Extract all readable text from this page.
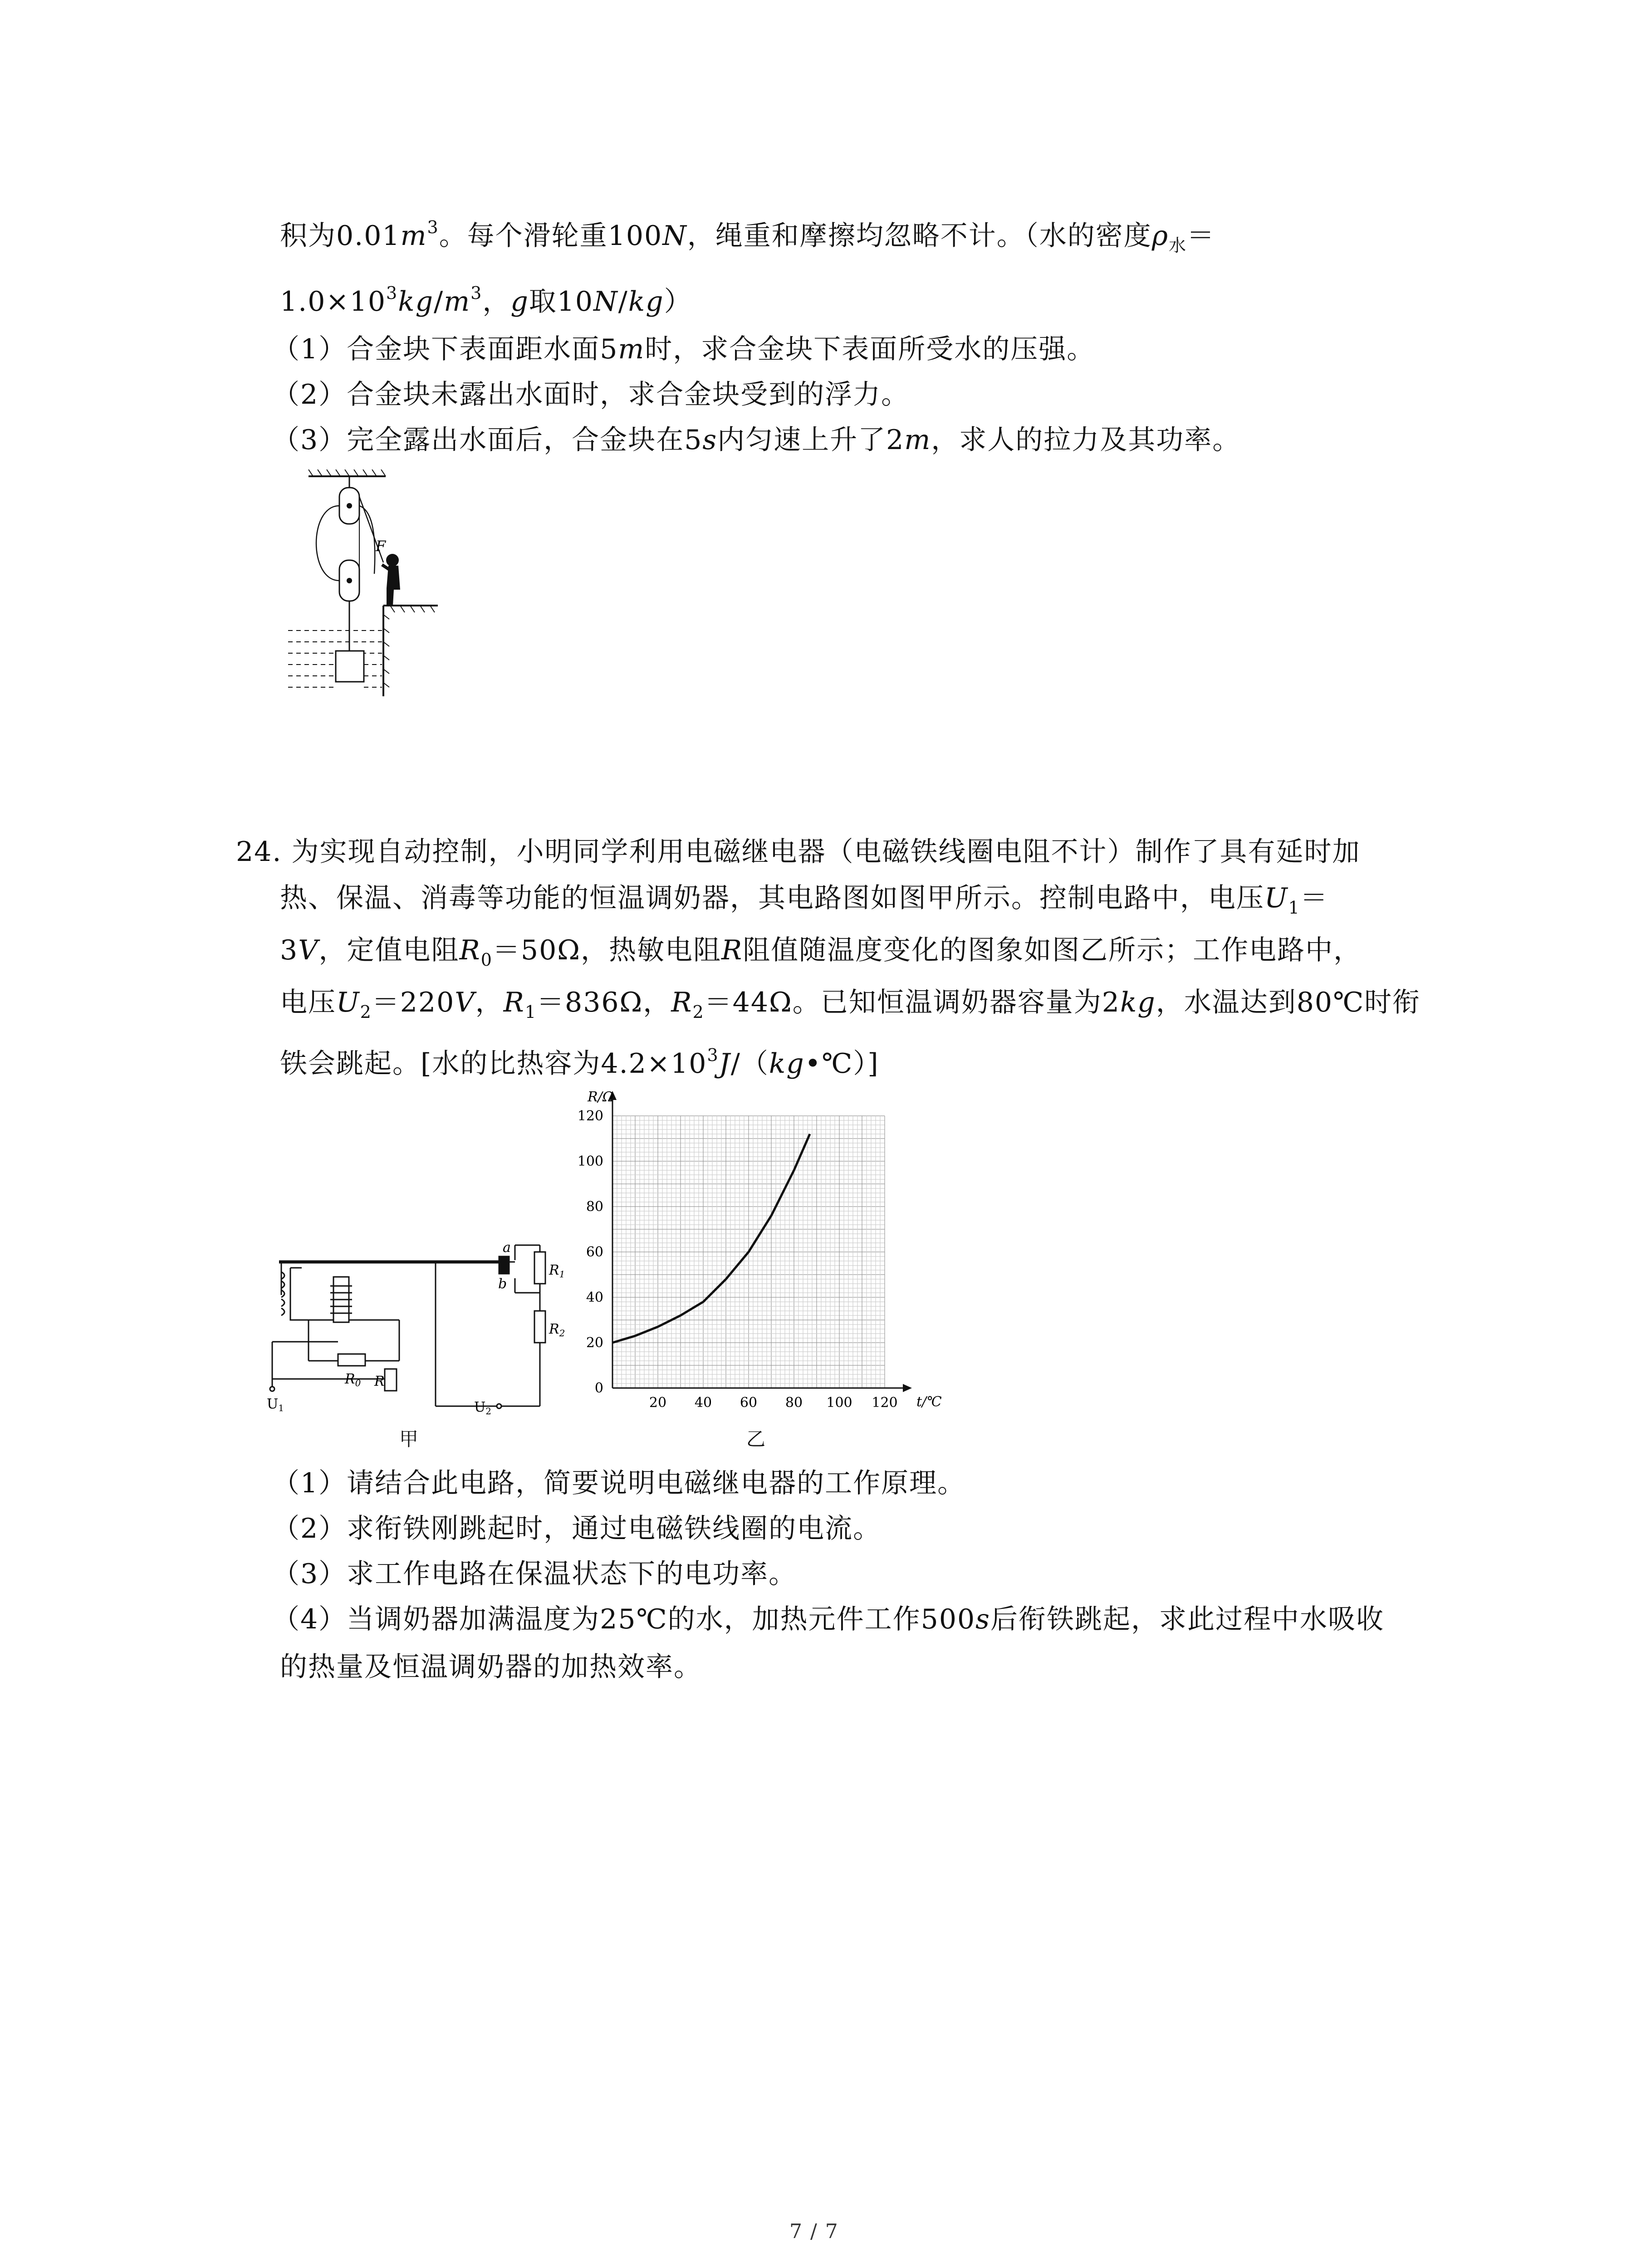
积为$0.01m^3$。每个滑轮重100N，绳重和摩擦均忽略不计。（水的密度$\rho_水=$
$1.0\times 10^3kg/m^3$，g取10N/kg）
（1）合金块下表面距水面5m时，求合金块下表面所受水的压强。
（2）合金块未露出水面时，求合金块受到的浮力。
（3）完全露出水面后，合金块在5s内匀速上升了2m，求人的拉力及其功率。
F
24. 为实现自动控制，小明同学利用电磁继电器（电磁铁线圈电阻不计）制作了具有延时加
热、保温、消毒等功能的恒温调奶器，其电路图如图甲所示。控制电路中，电压$U_1=$
3V，定值电阻$R_0=50\Omega$，热敏电阻R阻值随温度变化的图象如图乙所示；工作电路中，
电压$U_2=220V$，$R_1=836\Omega$，$R_2=44\Omega$。已知恒温调奶器容量为2kg，水温达到80℃时衔
铁会跳起。[水的比热容为$4.2\times 10^3J/(kg•℃)$]
a
b
$R_1$
$R_2$
$U_1$
$R_0$ R
$U_2$
甲
20 40 60 80 100 120
0
20
40
60
80
100
120
R/Ω
t/℃
乙
（1）请结合此电路，简要说明电磁继电器的工作原理。
（2）求衔铁刚跳起时，通过电磁铁线圈的电流。
（3）求工作电路在保温状态下的电功率。
（4）当调奶器加满温度为25℃的水，加热元件工作500s后衔铁跳起，求此过程中水吸收
的热量及恒温调奶器的加热效率。
7 / 7
